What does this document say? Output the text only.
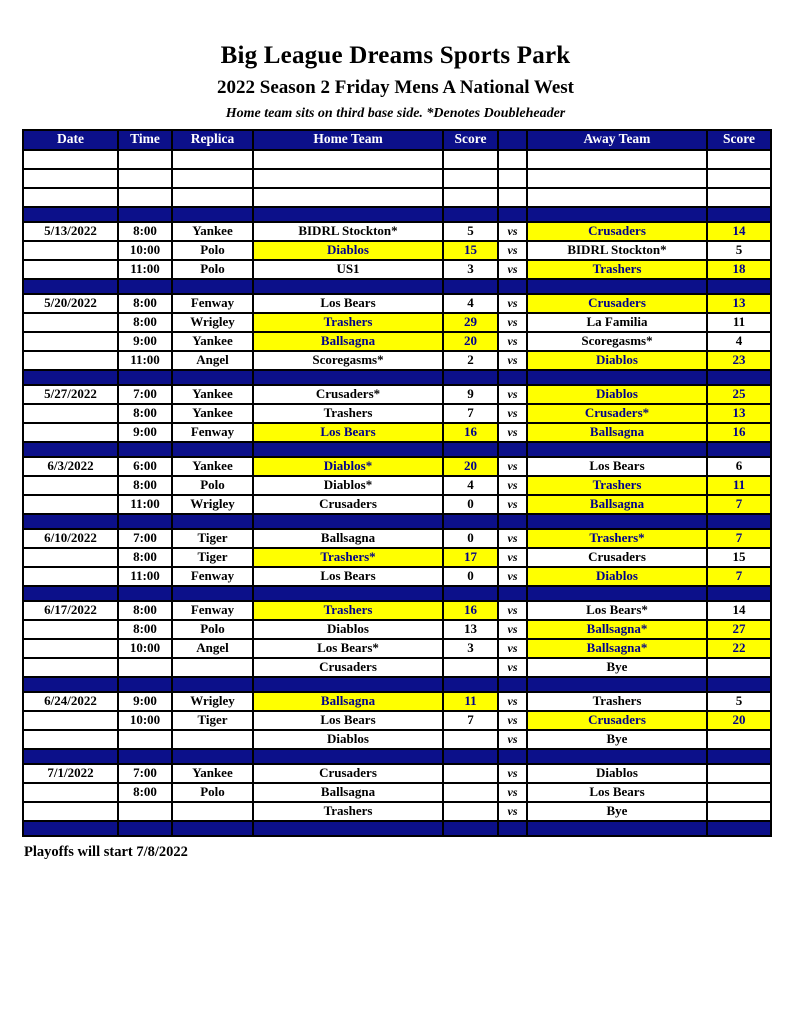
Big League Dreams Sports Park
2022 Season 2 Friday Mens A National West
Home team sits on third base side. *Denotes Doubleheader
Date	Time	Replica	Home Team	Score		Away Team	Score

5/13/2022	8:00	Yankee	BIDRL Stockton*	5	vs	Crusaders	14
	10:00	Polo	Diablos	15	vs	BIDRL Stockton*	5
	11:00	Polo	US1	3	vs	Trashers	18

5/20/2022	8:00	Fenway	Los Bears	4	vs	Crusaders	13
	8:00	Wrigley	Trashers	29	vs	La Familia	11
	9:00	Yankee	Ballsagna	20	vs	Scoregasms*	4
	11:00	Angel	Scoregasms*	2	vs	Diablos	23

5/27/2022	7:00	Yankee	Crusaders*	9	vs	Diablos	25
	8:00	Yankee	Trashers	7	vs	Crusaders*	13
	9:00	Fenway	Los Bears	16	vs	Ballsagna	16

6/3/2022	6:00	Yankee	Diablos*	20	vs	Los Bears	6
	8:00	Polo	Diablos*	4	vs	Trashers	11
	11:00	Wrigley	Crusaders	0	vs	Ballsagna	7

6/10/2022	7:00	Tiger	Ballsagna	0	vs	Trashers*	7
	8:00	Tiger	Trashers*	17	vs	Crusaders	15
	11:00	Fenway	Los Bears	0	vs	Diablos	7

6/17/2022	8:00	Fenway	Trashers	16	vs	Los Bears*	14
	8:00	Polo	Diablos	13	vs	Ballsagna*	27
	10:00	Angel	Los Bears*	3	vs	Ballsagna*	22
			Crusaders		vs	Bye	

6/24/2022	9:00	Wrigley	Ballsagna	11	vs	Trashers	5
	10:00	Tiger	Los Bears	7	vs	Crusaders	20
			Diablos		vs	Bye	

7/1/2022	7:00	Yankee	Crusaders		vs	Diablos	
	8:00	Polo	Ballsagna		vs	Los Bears	
			Trashers		vs	Bye	

Playoffs will start 7/8/2022
